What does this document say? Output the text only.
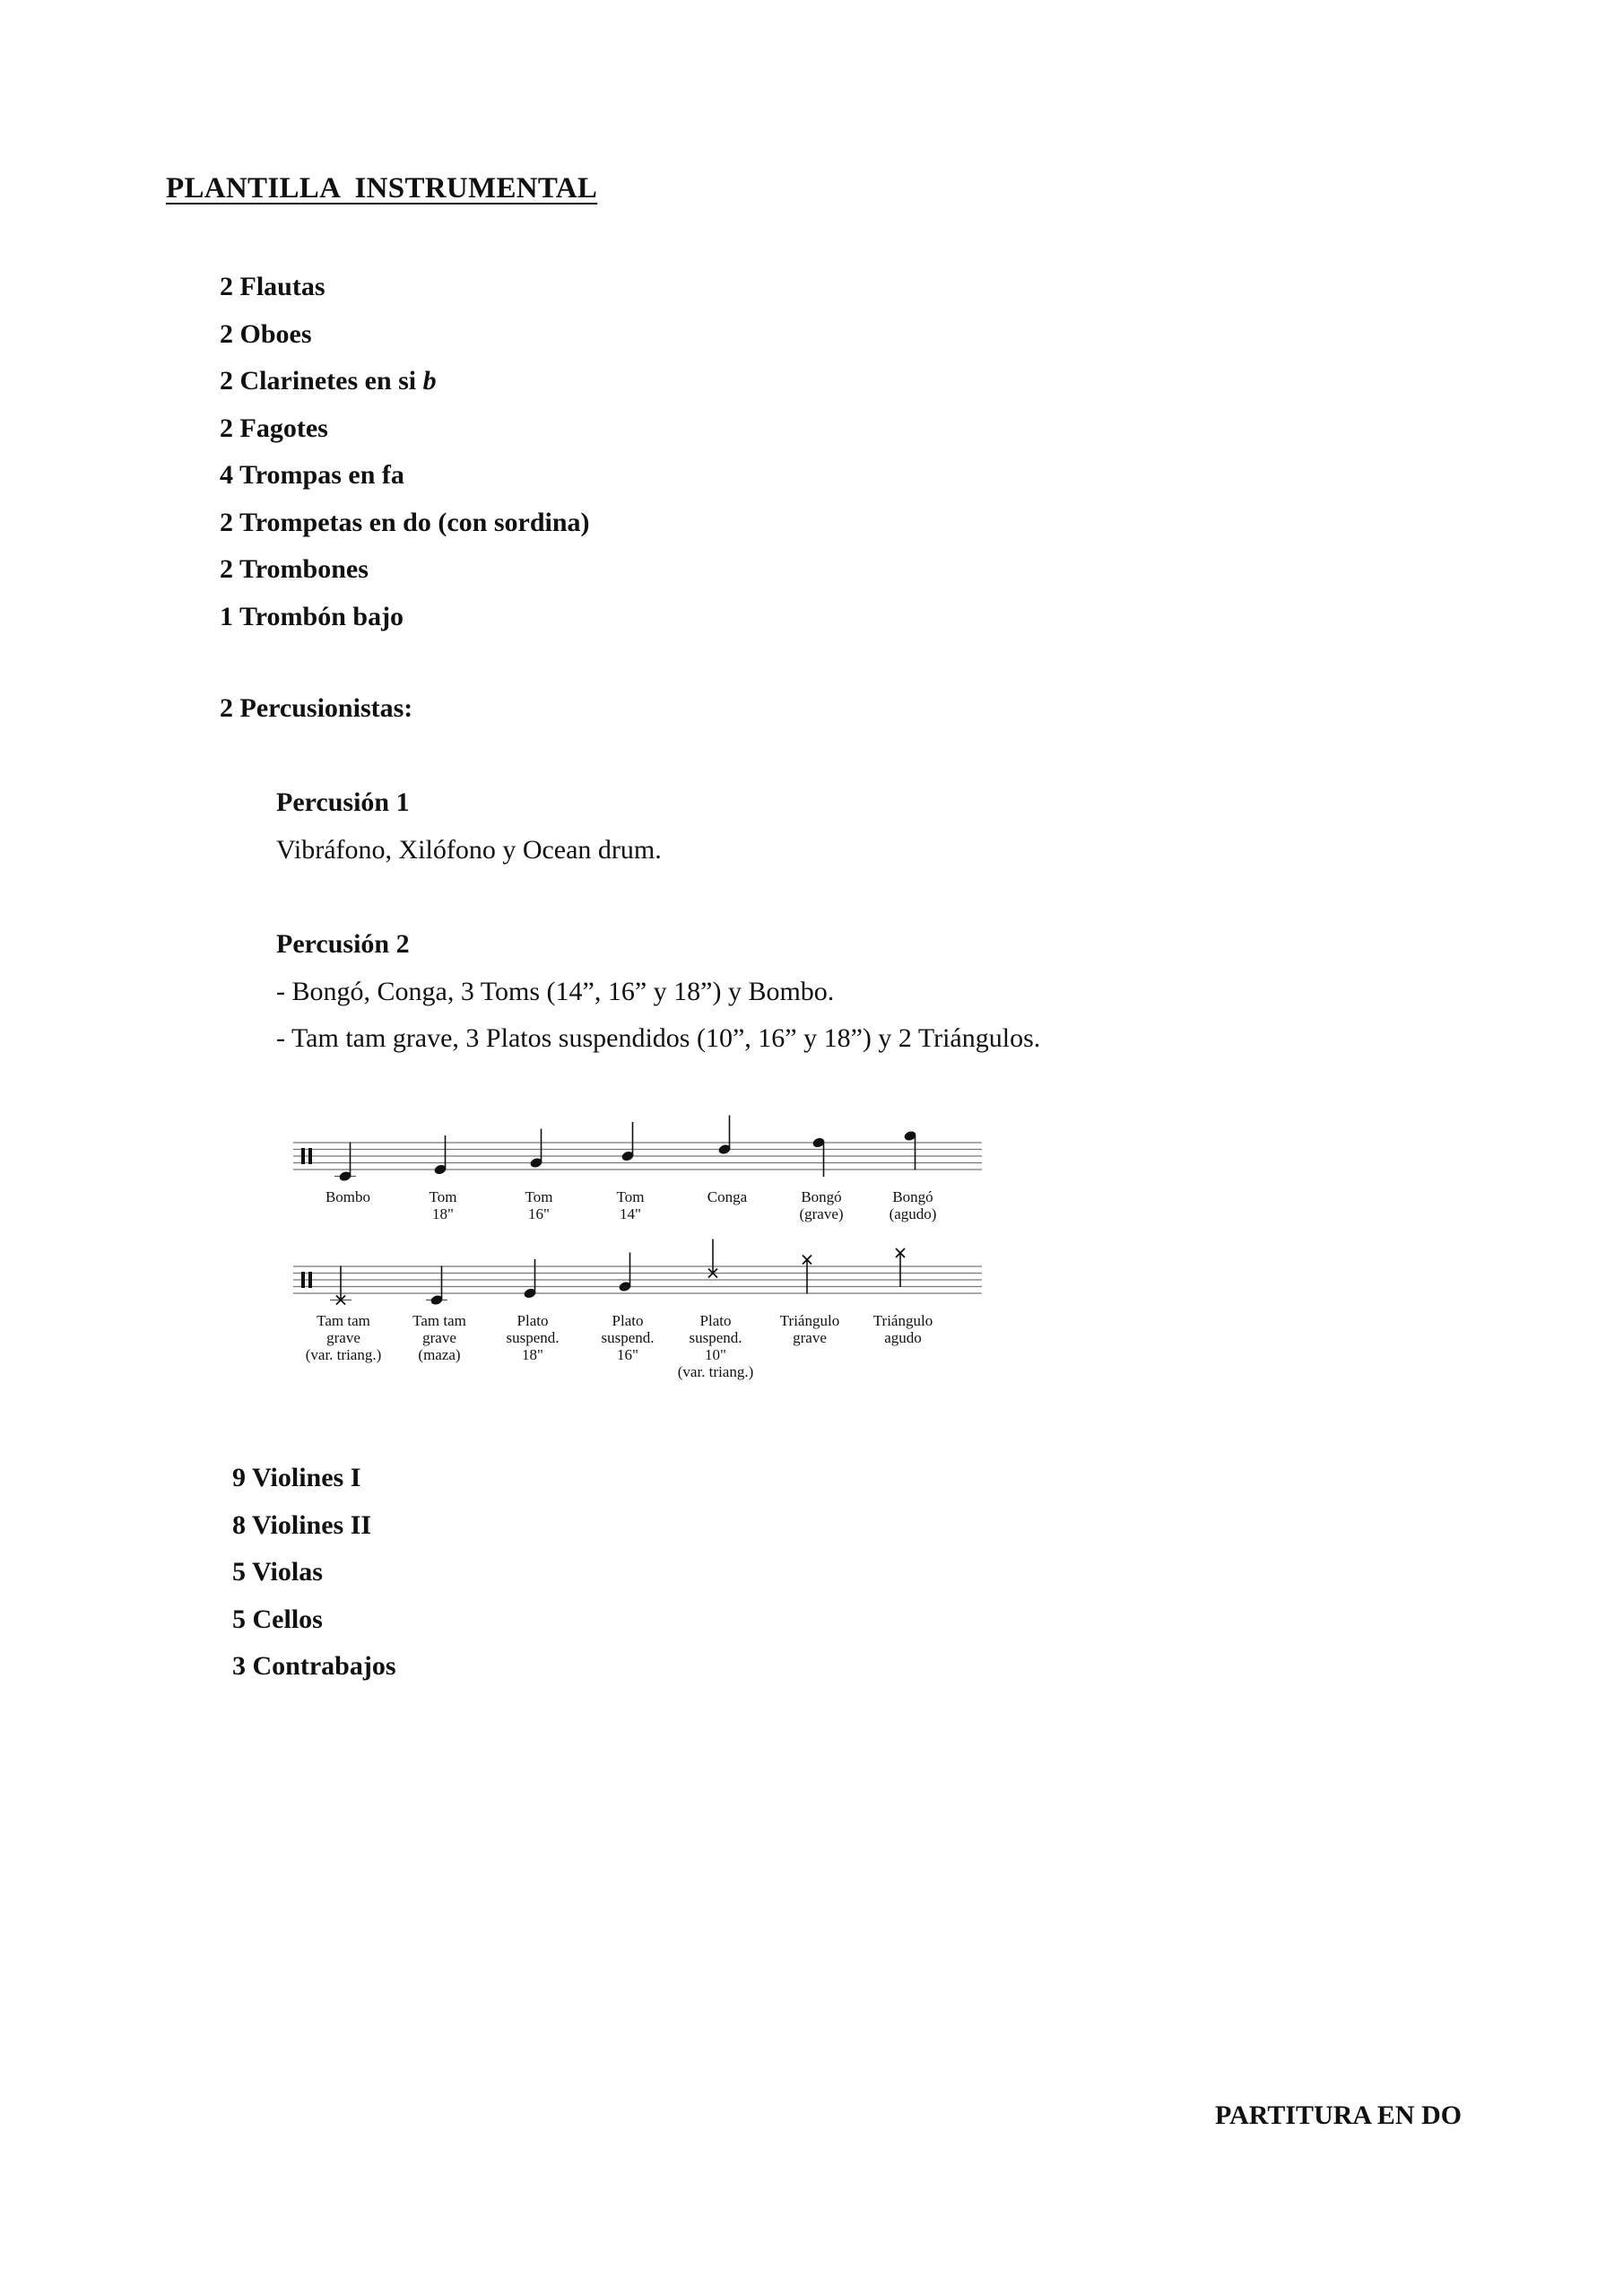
PLANTILLA  INSTRUMENTAL
2 Flautas
2 Oboes
2 Clarinetes en si b
2 Fagotes
4 Trompas en fa
2 Trompetas en do (con sordina)
2 Trombones
1 Trombón bajo
2 Percusionistas:
Percusión 1
Vibráfono, Xilófono y Ocean drum.
Percusión 2
- Bongó, Conga, 3 Toms (14”, 16” y 18”) y Bombo.
- Tam tam grave, 3 Platos suspendidos (10”, 16” y 18”) y 2 Triángulos.
Bombo	Tom
18"
Tom
16"
Tom
14"
Conga	Bongó
(grave)
Bongó
(agudo)
Tam tam
grave
(var. triang.)
Tam tam
grave
(maza)
Plato
suspend.
18"
Plato
suspend.
16"
Plato
suspend.
10"
(var. triang.)
Triángulo
grave
Triángulo
agudo
9 Violines I
8 Violines II
5 Violas
5 Cellos
3 Contrabajos
PARTITURA EN DO
